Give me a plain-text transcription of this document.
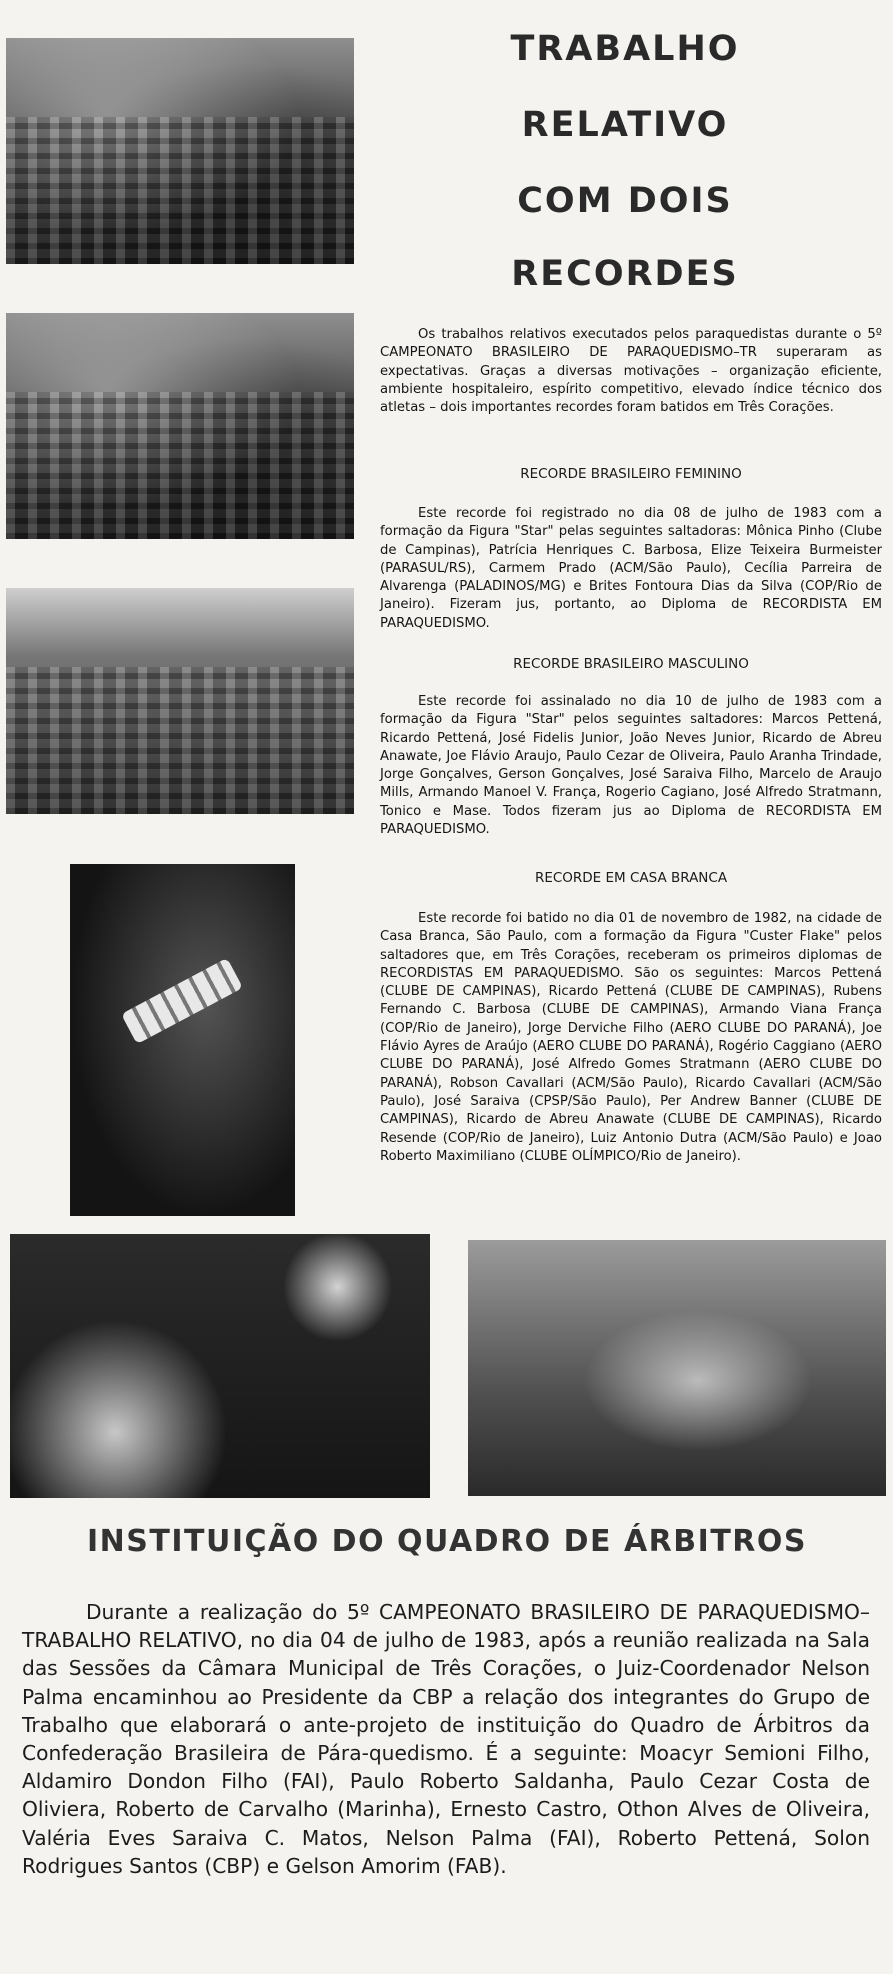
TRABALHO
RELATIVO
COM DOIS
RECORDES

Os trabalhos relativos executados pelos paraquedistas durante o 5º CAMPEONATO BRASILEIRO DE PARAQUEDISMO–TR superaram as expectativas. Graças a diversas motivações – organização eficiente, ambiente hospitaleiro, espírito competitivo, elevado índice técnico dos atletas – dois importantes recordes foram batidos em Três Corações.

RECORDE BRASILEIRO FEMININO

Este recorde foi registrado no dia 08 de julho de 1983 com a formação da Figura "Star" pelas seguintes saltadoras: Mônica Pinho (Clube de Campinas), Patrícia Henriques C. Barbosa, Elize Teixeira Burmeister (PARASUL/RS), Carmem Prado (ACM/São Paulo), Cecília Parreira de Alvarenga (PALADINOS/MG) e Brites Fontoura Dias da Silva (COP/Rio de Janeiro). Fizeram jus, portanto, ao Diploma de RECORDISTA EM PARAQUEDISMO.

RECORDE BRASILEIRO MASCULINO

Este recorde foi assinalado no dia 10 de julho de 1983 com a formação da Figura "Star" pelos seguintes saltadores: Marcos Pettená, Ricardo Pettená, José Fidelis Junior, João Neves Junior, Ricardo de Abreu Anawate, Joe Flávio Araujo, Paulo Cezar de Oliveira, Paulo Aranha Trindade, Jorge Gonçalves, Gerson Gonçalves, José Saraiva Filho, Marcelo de Araujo Mills, Armando Manoel V. França, Rogerio Cagiano, José Alfredo Stratmann, Tonico e Mase. Todos fizeram jus ao Diploma de RECORDISTA EM PARAQUEDISMO.

RECORDE EM CASA BRANCA

Este recorde foi batido no dia 01 de novembro de 1982, na cidade de Casa Branca, São Paulo, com a formação da Figura "Custer Flake" pelos saltadores que, em Três Corações, receberam os primeiros diplomas de RECORDISTAS EM PARAQUEDISMO. São os seguintes: Marcos Pettená (CLUBE DE CAMPINAS), Ricardo Pettená (CLUBE DE CAMPINAS), Rubens Fernando C. Barbosa (CLUBE DE CAMPINAS), Armando Viana França (COP/Rio de Janeiro), Jorge Derviche Filho (AERO CLUBE DO PARANÁ), Joe Flávio Ayres de Araújo (AERO CLUBE DO PARANÁ), Rogério Caggiano (AERO CLUBE DO PARANÁ), José Alfredo Gomes Stratmann (AERO CLUBE DO PARANÁ), Robson Cavallari (ACM/São Paulo), Ricardo Cavallari (ACM/São Paulo), José Saraiva (CPSP/São Paulo), Per Andrew Banner (CLUBE DE CAMPINAS), Ricardo de Abreu Anawate (CLUBE DE CAMPINAS), Ricardo Resende (COP/Rio de Janeiro), Luiz Antonio Dutra (ACM/São Paulo) e Joao Roberto Maximiliano (CLUBE OLÍMPICO/Rio de Janeiro).

INSTITUIÇÃO DO QUADRO DE ÁRBITROS

Durante a realização do 5º CAMPEONATO BRASILEIRO DE PARAQUEDISMO–TRABALHO RELATIVO, no dia 04 de julho de 1983, após a reunião realizada na Sala das Sessões da Câmara Municipal de Três Corações, o Juiz-Coordenador Nelson Palma encaminhou ao Presidente da CBP a relação dos integrantes do Grupo de Trabalho que elaborará o ante-projeto de instituição do Quadro de Árbitros da Confederação Brasileira de Pára-quedismo. É a seguinte: Moacyr Semioni Filho, Aldamiro Dondon Filho (FAI), Paulo Roberto Saldanha, Paulo Cezar Costa de Oliviera, Roberto de Carvalho (Marinha), Ernesto Castro, Othon Alves de Oliveira, Valéria Eves Saraiva C. Matos, Nelson Palma (FAI), Roberto Pettená, Solon Rodrigues Santos (CBP) e Gelson Amorim (FAB).
